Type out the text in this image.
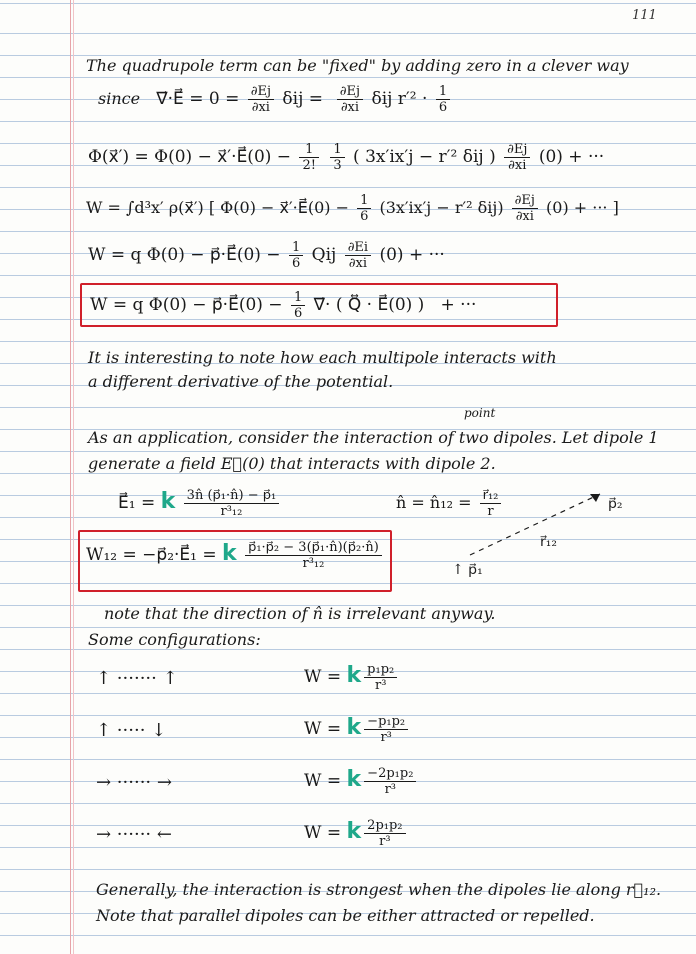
111
The quadrupole term can be "fixed" by adding zero in a clever way
since ∇⃗·E⃗ = $0 = \frac{\partial Ej}{\partial xi}$ $\delta ij = \frac{\partial Ej}{\partial xi}$ δij $r'^2 \cdot \frac{1}{6}$
Φ(x⃗′) = Φ(0) − x⃗′·E⃗(0) − $\frac{1}{2!}$
$\frac{1}{3}$ ( 3x′ix′j − r′² δij ) $\frac{\partial Ej}{\partial xi} (0)$ + ···
W = ∫d³x′ ρ(x⃗′) [ Φ(0) − x⃗′·E⃗(0) − $\frac{1}{6} (3x'ix'j - r'^2$ $\delta ij) \frac{\partial Ej}{\partial xi} (0)$ + ··· ]
W = q Φ(0) − p⃗·E⃗(0) − $\frac{1}{6}$ Qij $\frac{\partial Ei}{\partial xi} (0)$ + ···
W = q Φ(0) − p⃗·E⃗(0) − $\frac{1}{6}$ ∇⃗· ( Q⃡ · E⃗(0) ) + ···
It is interesting to note how each multipole interacts with
a different derivative of the potential.
point
As an application, consider the interaction of two dipoles. Let dipole 1
generate a field E⃗(0) that interacts with dipole 2.
E⃗₁ = k $\frac{\text{3n̂ (p⃗₁·n̂) − p⃗₁}}{\text{r³₁₂}}$	n̂ = n̂₁₂ = $\frac{\text{r⃗₁₂}}{r}$
W₁₂ = −p⃗₂·E⃗₁ = k $\frac{\text{p⃗₁·p⃗₂ − 3(p⃗₁·n̂)(p⃗₂·n̂)}}{\text{r³₁₂}}$	↑ p⃗₁
p⃗₂
r⃗₁₂
note that the direction of n̂ is irrelevant anyway.
Some configurations:
↑ ······· ↑	W = k $\frac{\text{p₁p₂}}{\text{r³}}$
↑ ····· ↓	W = k $\frac{\text{−p₁p₂}}{\text{r³}}$
→ ······ →	W = k $\frac{\text{−2p₁p₂}}{\text{r³}}$
→ ······ ←	W = k $\frac{\text{2p₁p₂}}{\text{r³}}$
Generally, the interaction is strongest when the dipoles lie along r⃗₁₂.
Note that parallel dipoles can be either attracted or repelled.
